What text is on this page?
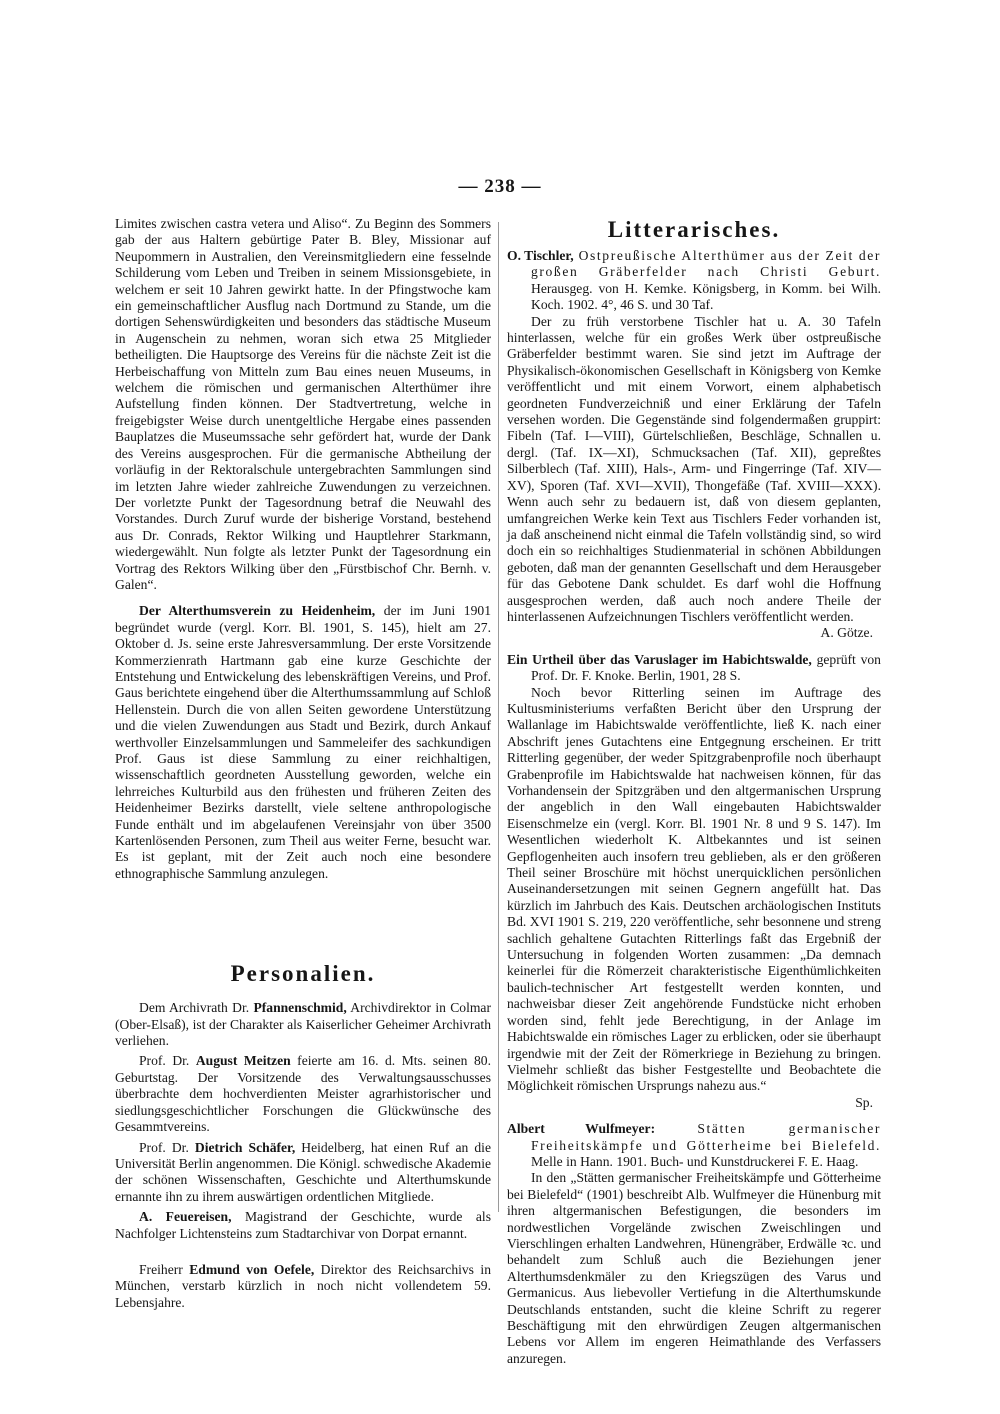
— 238 —

Limites zwischen castra vetera und Aliso“. Zu Beginn des Sommers gab der aus Haltern gebürtige Pater B. Bley, Missionar auf Neupommern in Australien, den Vereinsmitgliedern eine fesselnde Schilderung vom Leben und Treiben in seinem Missionsgebiete, in welchem er seit 10 Jahren gewirkt hatte. In der Pfingstwoche kam ein gemeinschaftlicher Ausflug nach Dortmund zu Stande, um die dortigen Sehenswürdigkeiten und besonders das städtische Museum in Augenschein zu nehmen, woran sich etwa 25 Mitglieder betheiligten. Die Hauptsorge des Vereins für die nächste Zeit ist die Herbeischaffung von Mitteln zum Bau eines neuen Museums, in welchem die römischen und germanischen Alterthümer ihre Aufstellung finden können. Der Stadtvertretung, welche in freigebigster Weise durch unentgeltliche Hergabe eines passenden Bauplatzes die Museumssache sehr gefördert hat, wurde der Dank des Vereins ausgesprochen. Für die germanische Abtheilung der vorläufig in der Rektoralschule untergebrachten Sammlungen sind im letzten Jahre wieder zahlreiche Zuwendungen zu verzeichnen. Der vorletzte Punkt der Tagesordnung betraf die Neuwahl des Vorstandes. Durch Zuruf wurde der bisherige Vorstand, bestehend aus Dr. Conrads, Rektor Wilking und Hauptlehrer Starkmann, wiedergewählt. Nun folgte als letzter Punkt der Tagesordnung ein Vortrag des Rektors Wilking über den „Fürstbischof Chr. Bernh. v. Galen“.

Der Alterthumsverein zu Heidenheim, der im Juni 1901 begründet wurde (vergl. Korr. Bl. 1901, S. 145), hielt am 27. Oktober d. Js. seine erste Jahresversammlung. Der erste Vorsitzende Kommerzienrath Hartmann gab eine kurze Geschichte der Entstehung und Entwickelung des lebenskräftigen Vereins, und Prof. Gaus berichtete eingehend über die Alterthumssammlung auf Schloß Hellenstein. Durch die von allen Seiten gewordene Unterstützung und die vielen Zuwendungen aus Stadt und Bezirk, durch Ankauf werthvoller Einzelsammlungen und Sammeleifer des sachkundigen Prof. Gaus ist diese Sammlung zu einer reichhaltigen, wissenschaftlich geordneten Ausstellung geworden, welche ein lehrreiches Kulturbild aus den frühesten und früheren Zeiten des Heidenheimer Bezirks darstellt, viele seltene anthropologische Funde enthält und im abgelaufenen Vereinsjahr von über 3500 Kartenlösenden Personen, zum Theil aus weiter Ferne, besucht war. Es ist geplant, mit der Zeit auch noch eine besondere ethnographische Sammlung anzulegen.

Personalien.

Dem Archivrath Dr. Pfannenschmid, Archivdirektor in Colmar (Ober-Elsaß), ist der Charakter als Kaiserlicher Geheimer Archivrath verliehen.

Prof. Dr. August Meitzen feierte am 16. d. Mts. seinen 80. Geburtstag. Der Vorsitzende des Verwaltungsausschusses überbrachte dem hochverdienten Meister agrarhistorischer und siedlungsgeschichtlicher Forschungen die Glückwünsche des Gesammtvereins.

Prof. Dr. Dietrich Schäfer, Heidelberg, hat einen Ruf an die Universität Berlin angenommen. Die Königl. schwedische Akademie der schönen Wissenschaften, Geschichte und Alterthumskunde ernannte ihn zu ihrem auswärtigen ordentlichen Mitgliede.

A. Feuereisen, Magistrand der Geschichte, wurde als Nachfolger Lichtensteins zum Stadtarchivar von Dorpat ernannt.

Freiherr Edmund von Oefele, Direktor des Reichsarchivs in München, verstarb kürzlich in noch nicht vollendetem 59. Lebensjahre.

Litterarisches.

O. Tischler, Ostpreußische Alterthümer aus der Zeit der großen Gräberfelder nach Christi Geburt. Herausgeg. von H. Kemke. Königsberg, in Komm. bei Wilh. Koch. 1902. 4°, 46 S. und 30 Taf.

Der zu früh verstorbene Tischler hat u. A. 30 Tafeln hinterlassen, welche für ein großes Werk über ostpreußische Gräberfelder bestimmt waren. Sie sind jetzt im Auftrage der Physikalisch-ökonomischen Gesellschaft in Königsberg von Kemke veröffentlicht und mit einem Vorwort, einem alphabetisch geordneten Fundverzeichniß und einer Erklärung der Tafeln versehen worden. Die Gegenstände sind folgendermaßen gruppirt: Fibeln (Taf. I—VIII), Gürtelschließen, Beschläge, Schnallen u. dergl. (Taf. IX—XI), Schmucksachen (Taf. XII), gepreßtes Silberblech (Taf. XIII), Hals-, Arm- und Fingerringe (Taf. XIV—XV), Sporen (Taf. XVI—XVII), Thongefäße (Taf. XVIII—XXX). Wenn auch sehr zu bedauern ist, daß von diesem geplanten, umfangreichen Werke kein Text aus Tischlers Feder vorhanden ist, ja daß anscheinend nicht einmal die Tafeln vollständig sind, so wird doch ein so reichhaltiges Studienmaterial in schönen Abbildungen geboten, daß man der genannten Gesellschaft und dem Herausgeber für das Gebotene Dank schuldet. Es darf wohl die Hoffnung ausgesprochen werden, daß auch noch andere Theile der hinterlassenen Aufzeichnungen Tischlers veröffentlicht werden.

A. Götze.

Ein Urtheil über das Varuslager im Habichtswalde, geprüft von Prof. Dr. F. Knoke. Berlin, 1901, 28 S.

Noch bevor Ritterling seinen im Auftrage des Kultusministeriums verfaßten Bericht über den Ursprung der Wallanlage im Habichtswalde veröffentlichte, ließ K. nach einer Abschrift jenes Gutachtens eine Entgegnung erscheinen. Er tritt Ritterling gegenüber, der weder Spitzgrabenprofile noch überhaupt Grabenprofile im Habichtswalde hat nachweisen können, für das Vorhandensein der Spitzgräben und den altgermanischen Ursprung der angeblich in den Wall eingebauten Habichtswalder Eisenschmelze ein (vergl. Korr. Bl. 1901 Nr. 8 und 9 S. 147). Im Wesentlichen wiederholt K. Altbekanntes und ist seinen Gepflogenheiten auch insofern treu geblieben, als er den größeren Theil seiner Broschüre mit höchst unerquicklichen persönlichen Auseinandersetzungen mit seinen Gegnern angefüllt hat. Das kürzlich im Jahrbuch des Kais. Deutschen archäologischen Instituts Bd. XVI 1901 S. 219, 220 veröffentliche, sehr besonnene und streng sachlich gehaltene Gutachten Ritterlings faßt das Ergebniß der Untersuchung in folgenden Worten zusammen: „Da demnach keinerlei für die Römerzeit charakteristische Eigenthümlichkeiten baulich-technischer Art festgestellt werden konnten, und nachweisbar dieser Zeit angehörende Fundstücke nicht erhoben worden sind, fehlt jede Berechtigung, in der Anlage im Habichtswalde ein römisches Lager zu erblicken, oder sie überhaupt irgendwie mit der Zeit der Römerkriege in Beziehung zu bringen. Vielmehr schließt das bisher Festgestellte und Beobachtete die Möglichkeit römischen Ursprungs nahezu aus.“

Sp.

Albert Wulfmeyer: Stätten germanischer Freiheitskämpfe und Götterheime bei Bielefeld. Melle in Hann. 1901. Buch- und Kunstdruckerei F. E. Haag.

In den „Stätten germanischer Freiheitskämpfe und Götterheime bei Bielefeld“ (1901) beschreibt Alb. Wulfmeyer die Hünenburg mit ihren altgermanischen Befestigungen, die besonders im nordwestlichen Vorgelände zwischen Zweischlingen und Vierschlingen erhalten Landwehren, Hünengräber, Erdwälle ꝛc. und behandelt zum Schluß auch die Beziehungen jener Alterthumsdenkmäler zu den Kriegszügen des Varus und Germanicus. Aus liebevoller Vertiefung in die Alterthumskunde Deutschlands entstanden, sucht die kleine Schrift zu regerer Beschäftigung mit den ehrwürdigen Zeugen altgermanischen Lebens vor Allem im engeren Heimathlande des Verfassers anzuregen.
